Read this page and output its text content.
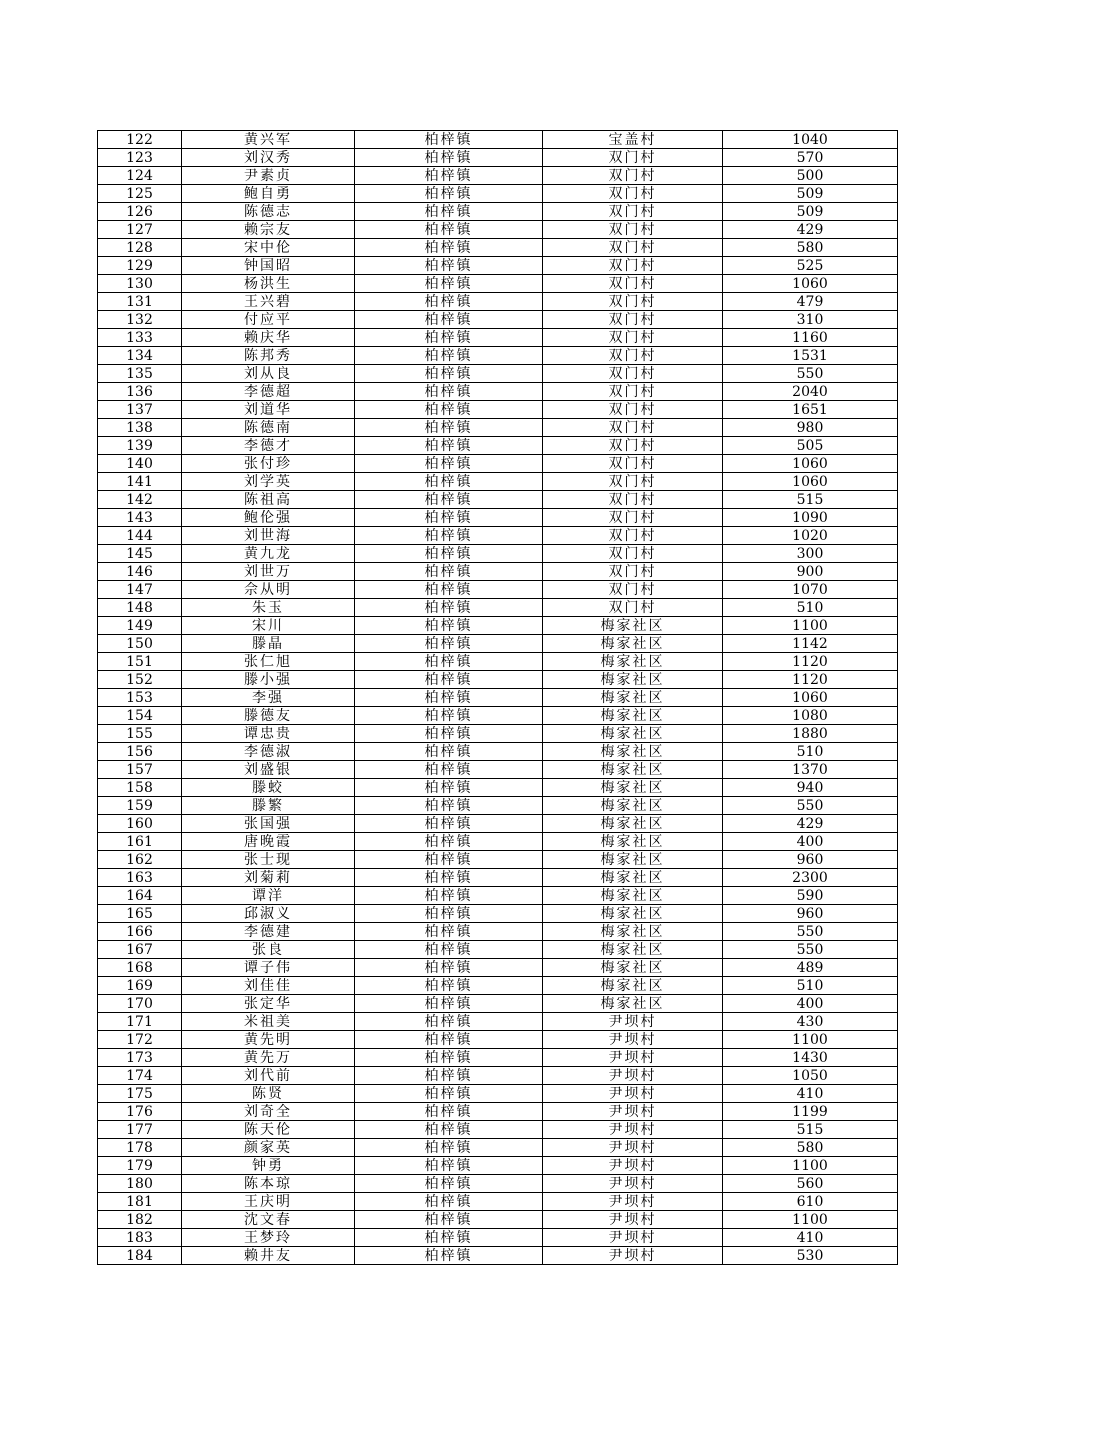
122	黄兴军	柏梓镇	宝盖村	1040
123	刘汉秀	柏梓镇	双门村	570
124	尹素贞	柏梓镇	双门村	500
125	鲍自勇	柏梓镇	双门村	509
126	陈德志	柏梓镇	双门村	509
127	赖宗友	柏梓镇	双门村	429
128	宋中伦	柏梓镇	双门村	580
129	钟国昭	柏梓镇	双门村	525
130	杨洪生	柏梓镇	双门村	1060
131	王兴碧	柏梓镇	双门村	479
132	付应平	柏梓镇	双门村	310
133	赖庆华	柏梓镇	双门村	1160
134	陈邦秀	柏梓镇	双门村	1531
135	刘从良	柏梓镇	双门村	550
136	李德超	柏梓镇	双门村	2040
137	刘道华	柏梓镇	双门村	1651
138	陈德南	柏梓镇	双门村	980
139	李德才	柏梓镇	双门村	505
140	张付珍	柏梓镇	双门村	1060
141	刘学英	柏梓镇	双门村	1060
142	陈祖高	柏梓镇	双门村	515
143	鲍伦强	柏梓镇	双门村	1090
144	刘世海	柏梓镇	双门村	1020
145	黄九龙	柏梓镇	双门村	300
146	刘世万	柏梓镇	双门村	900
147	佘从明	柏梓镇	双门村	1070
148	朱玉	柏梓镇	双门村	510
149	宋川	柏梓镇	梅家社区	1100
150	滕晶	柏梓镇	梅家社区	1142
151	张仁旭	柏梓镇	梅家社区	1120
152	滕小强	柏梓镇	梅家社区	1120
153	李强	柏梓镇	梅家社区	1060
154	滕德友	柏梓镇	梅家社区	1080
155	谭忠贵	柏梓镇	梅家社区	1880
156	李德淑	柏梓镇	梅家社区	510
157	刘盛银	柏梓镇	梅家社区	1370
158	滕蛟	柏梓镇	梅家社区	940
159	滕繁	柏梓镇	梅家社区	550
160	张国强	柏梓镇	梅家社区	429
161	唐晚霞	柏梓镇	梅家社区	400
162	张士现	柏梓镇	梅家社区	960
163	刘菊莉	柏梓镇	梅家社区	2300
164	谭洋	柏梓镇	梅家社区	590
165	邱淑义	柏梓镇	梅家社区	960
166	李德建	柏梓镇	梅家社区	550
167	张良	柏梓镇	梅家社区	550
168	谭子伟	柏梓镇	梅家社区	489
169	刘佳佳	柏梓镇	梅家社区	510
170	张定华	柏梓镇	梅家社区	400
171	米祖美	柏梓镇	尹坝村	430
172	黄先明	柏梓镇	尹坝村	1100
173	黄先万	柏梓镇	尹坝村	1430
174	刘代前	柏梓镇	尹坝村	1050
175	陈贤	柏梓镇	尹坝村	410
176	刘奇全	柏梓镇	尹坝村	1199
177	陈天伦	柏梓镇	尹坝村	515
178	颜家英	柏梓镇	尹坝村	580
179	钟勇	柏梓镇	尹坝村	1100
180	陈本琼	柏梓镇	尹坝村	560
181	王庆明	柏梓镇	尹坝村	610
182	沈文春	柏梓镇	尹坝村	1100
183	王梦玲	柏梓镇	尹坝村	410
184	赖井友	柏梓镇	尹坝村	530
